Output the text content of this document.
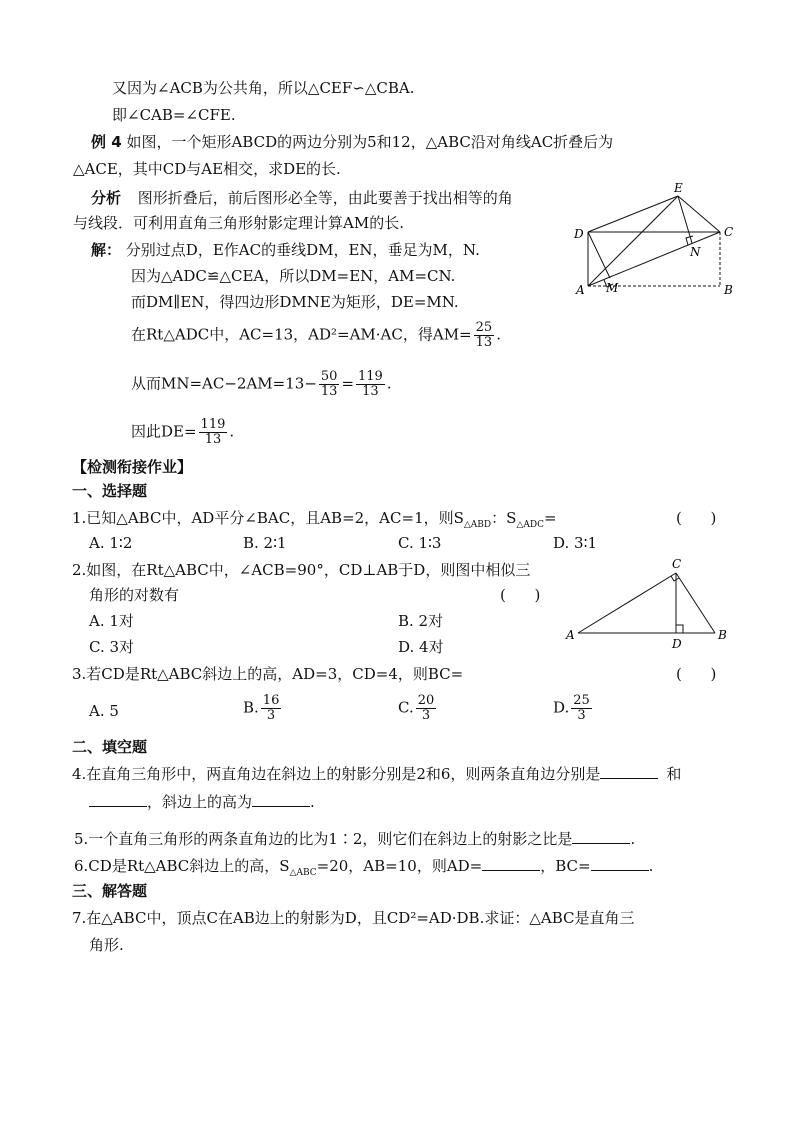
又因为∠ACB为公共角，所以△CEF∽△CBA.
即∠CAB=∠CFE.
例 4 如图，一个矩形ABCD的两边分别为5和12，△ABC沿对角线AC折叠后为
△ACE，其中CD与AE相交，求DE的长.
分析 图形折叠后，前后图形必全等，由此要善于找出相等的角
与线段．可利用直角三角形射影定理计算AM的长.
解： 分别过点D，E作AC的垂线DM，EN，垂足为M，N.
因为△ADC≌△CEA，所以DM=EN，AM=CN.
而DM∥EN，得四边形DMNE为矩形，DE=MN.
在Rt△ADC中，AC=13，AD²=AM·AC，得$AM= \frac{25}{13}$ .
从而$MN=AC-2AM=13- \frac{50}{13} = \frac{119}{13}$ .
因此$DE= \frac{119}{13}$ .
D	C
E
A	B
M
N
【检测衔接作业】
一、选择题
1.已知△ABC中，AD平分∠BAC，且AB=2，AC=1，则$S_{\triangle ABD}$：$S_{\triangle ADC}=$	(      )
A. 1∶2	B. 2∶1	C. 1∶3	D. 3∶1
2.如图，在Rt△ABC中，∠ACB=90°，CD⊥AB于D，则图中相似三
角形的对数有	(      )
A. 1对	B. 2对
C. 3对	D. 4对
C
A	B
D
3.若CD是Rt△ABC斜边上的高，AD=3，CD=4，则BC=	(      )
A. 5	B. $\frac{16}{3}$	C. $\frac{20}{3}$	D. $\frac{25}{3}$
二、填空题
4.在直角三角形中，两直角边在斜边上的射影分别是2和6，则两条直角边分别是	和
，斜边上的高为	.
5.一个直角三角形的两条直角边的比为1∶2，则它们在斜边上的射影之比是	.
6.CD是Rt△ABC斜边上的高，$S_{\triangle ABC}=20$，AB=10，则AD=	，BC=	.
三、解答题
7.在△ABC中，顶点C在AB边上的射影为D，且CD²=AD·DB.求证：△ABC是直角三
角形.
